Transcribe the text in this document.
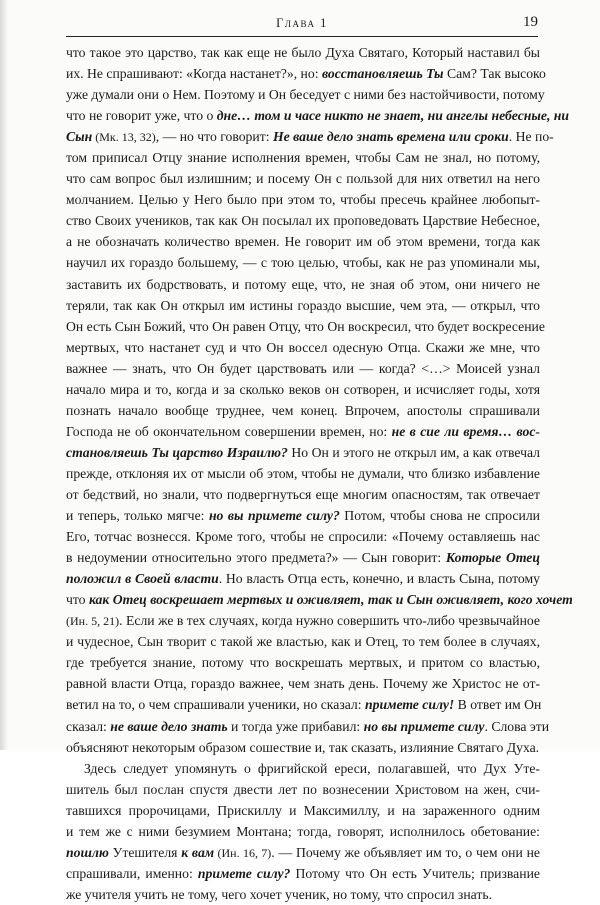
Глава 1	19
что такое это царство, так как еще не было Духа Святаго, Который наставил бы
их. Не спрашивают: «Когда настанет?», но: восстановляешь Ты Сам? Так высоко
уже думали они о Нем. Поэтому и Он беседует с ними без настойчивости, потому
что не говорит уже, что о дне… том и часе никто не знает, ни ангелы небесные, ни
Сын (Мк. 13, 32), — но что говорит: Не ваше дело знать времена или сроки. Не по-
том приписал Отцу знание исполнения времен, чтобы Сам не знал, но потому,
что сам вопрос был излишним; и посему Он с пользой для них ответил на него
молчанием. Целью у Него было при этом то, чтобы пресечь крайнее любопыт-
ство Своих учеников, так как Он посылал их проповедовать Царствие Небесное,
а не обозначать количество времен. Не говорит им об этом времени, тогда как
научил их гораздо большему, — с тою целью, чтобы, как не раз упоминали мы,
заставить их бодрствовать, и потому еще, что, не зная об этом, они ничего не
теряли, так как Он открыл им истины гораздо высшие, чем эта, — открыл, что
Он есть Сын Божий, что Он равен Отцу, что Он воскресил, что будет воскресение
мертвых, что настанет суд и что Он воссел одесную Отца. Скажи же мне, что
важнее — знать, что Он будет царствовать или — когда? <…> Моисей узнал
начало мира и то, когда и за сколько веков он сотворен, и исчисляет годы, хотя
познать начало вообще труднее, чем конец. Впрочем, апостолы спрашивали
Господа не об окончательном совершении времен, но: не в сие ли время… вос-
становляешь Ты царство Израилю? Но Он и этого не открыл им, а как отвечал
прежде, отклоняя их от мысли об этом, чтобы не думали, что близко избавление
от бедствий, но знали, что подвергнуться еще многим опасностям, так отвечает
и теперь, только мягче: но вы примете силу? Потом, чтобы снова не спросили
Его, тотчас вознесся. Кроме того, чтобы не спросили: «Почему оставляешь нас
в недоумении относительно этого предмета?» — Сын говорит: Которые Отец
положил в Своей власти. Но власть Отца есть, конечно, и власть Сына, потому
что как Отец воскрешает мертвых и оживляет, так и Сын оживляет, кого хочет
(Ин. 5, 21). Если же в тех случаях, когда нужно совершить что-либо чрезвычайное
и чудесное, Сын творит с такой же властью, как и Отец, то тем более в случаях,
где требуется знание, потому что воскрешать мертвых, и притом со властью,
равной власти Отца, гораздо важнее, чем знать день. Почему же Христос не от-
ветил на то, о чем спрашивали ученики, но сказал: примете силу! В ответ им Он
сказал: не ваше дело знать и тогда уже прибавил: но вы примете силу. Слова эти
объясняют некоторым образом сошествие и, так сказать, излияние Святаго Духа.
Здесь следует упомянуть о фригийской ереси, полагавшей, что Дух Уте-
шитель был послан спустя двести лет по вознесении Христовом на жен, счи-
тавшихся пророчицами, Прискиллу и Максимиллу, и на зараженного одним
и тем же с ними безумием Монтана; тогда, говорят, исполнилось обетование:
пошлю Утешителя к вам (Ин. 16, 7). — Почему же объявляет им то, о чем они не
спрашивали, именно: примете силу? Потому что Он есть Учитель; призвание
же учителя учить не тому, чего хочет ученик, но тому, что спросил знать.
